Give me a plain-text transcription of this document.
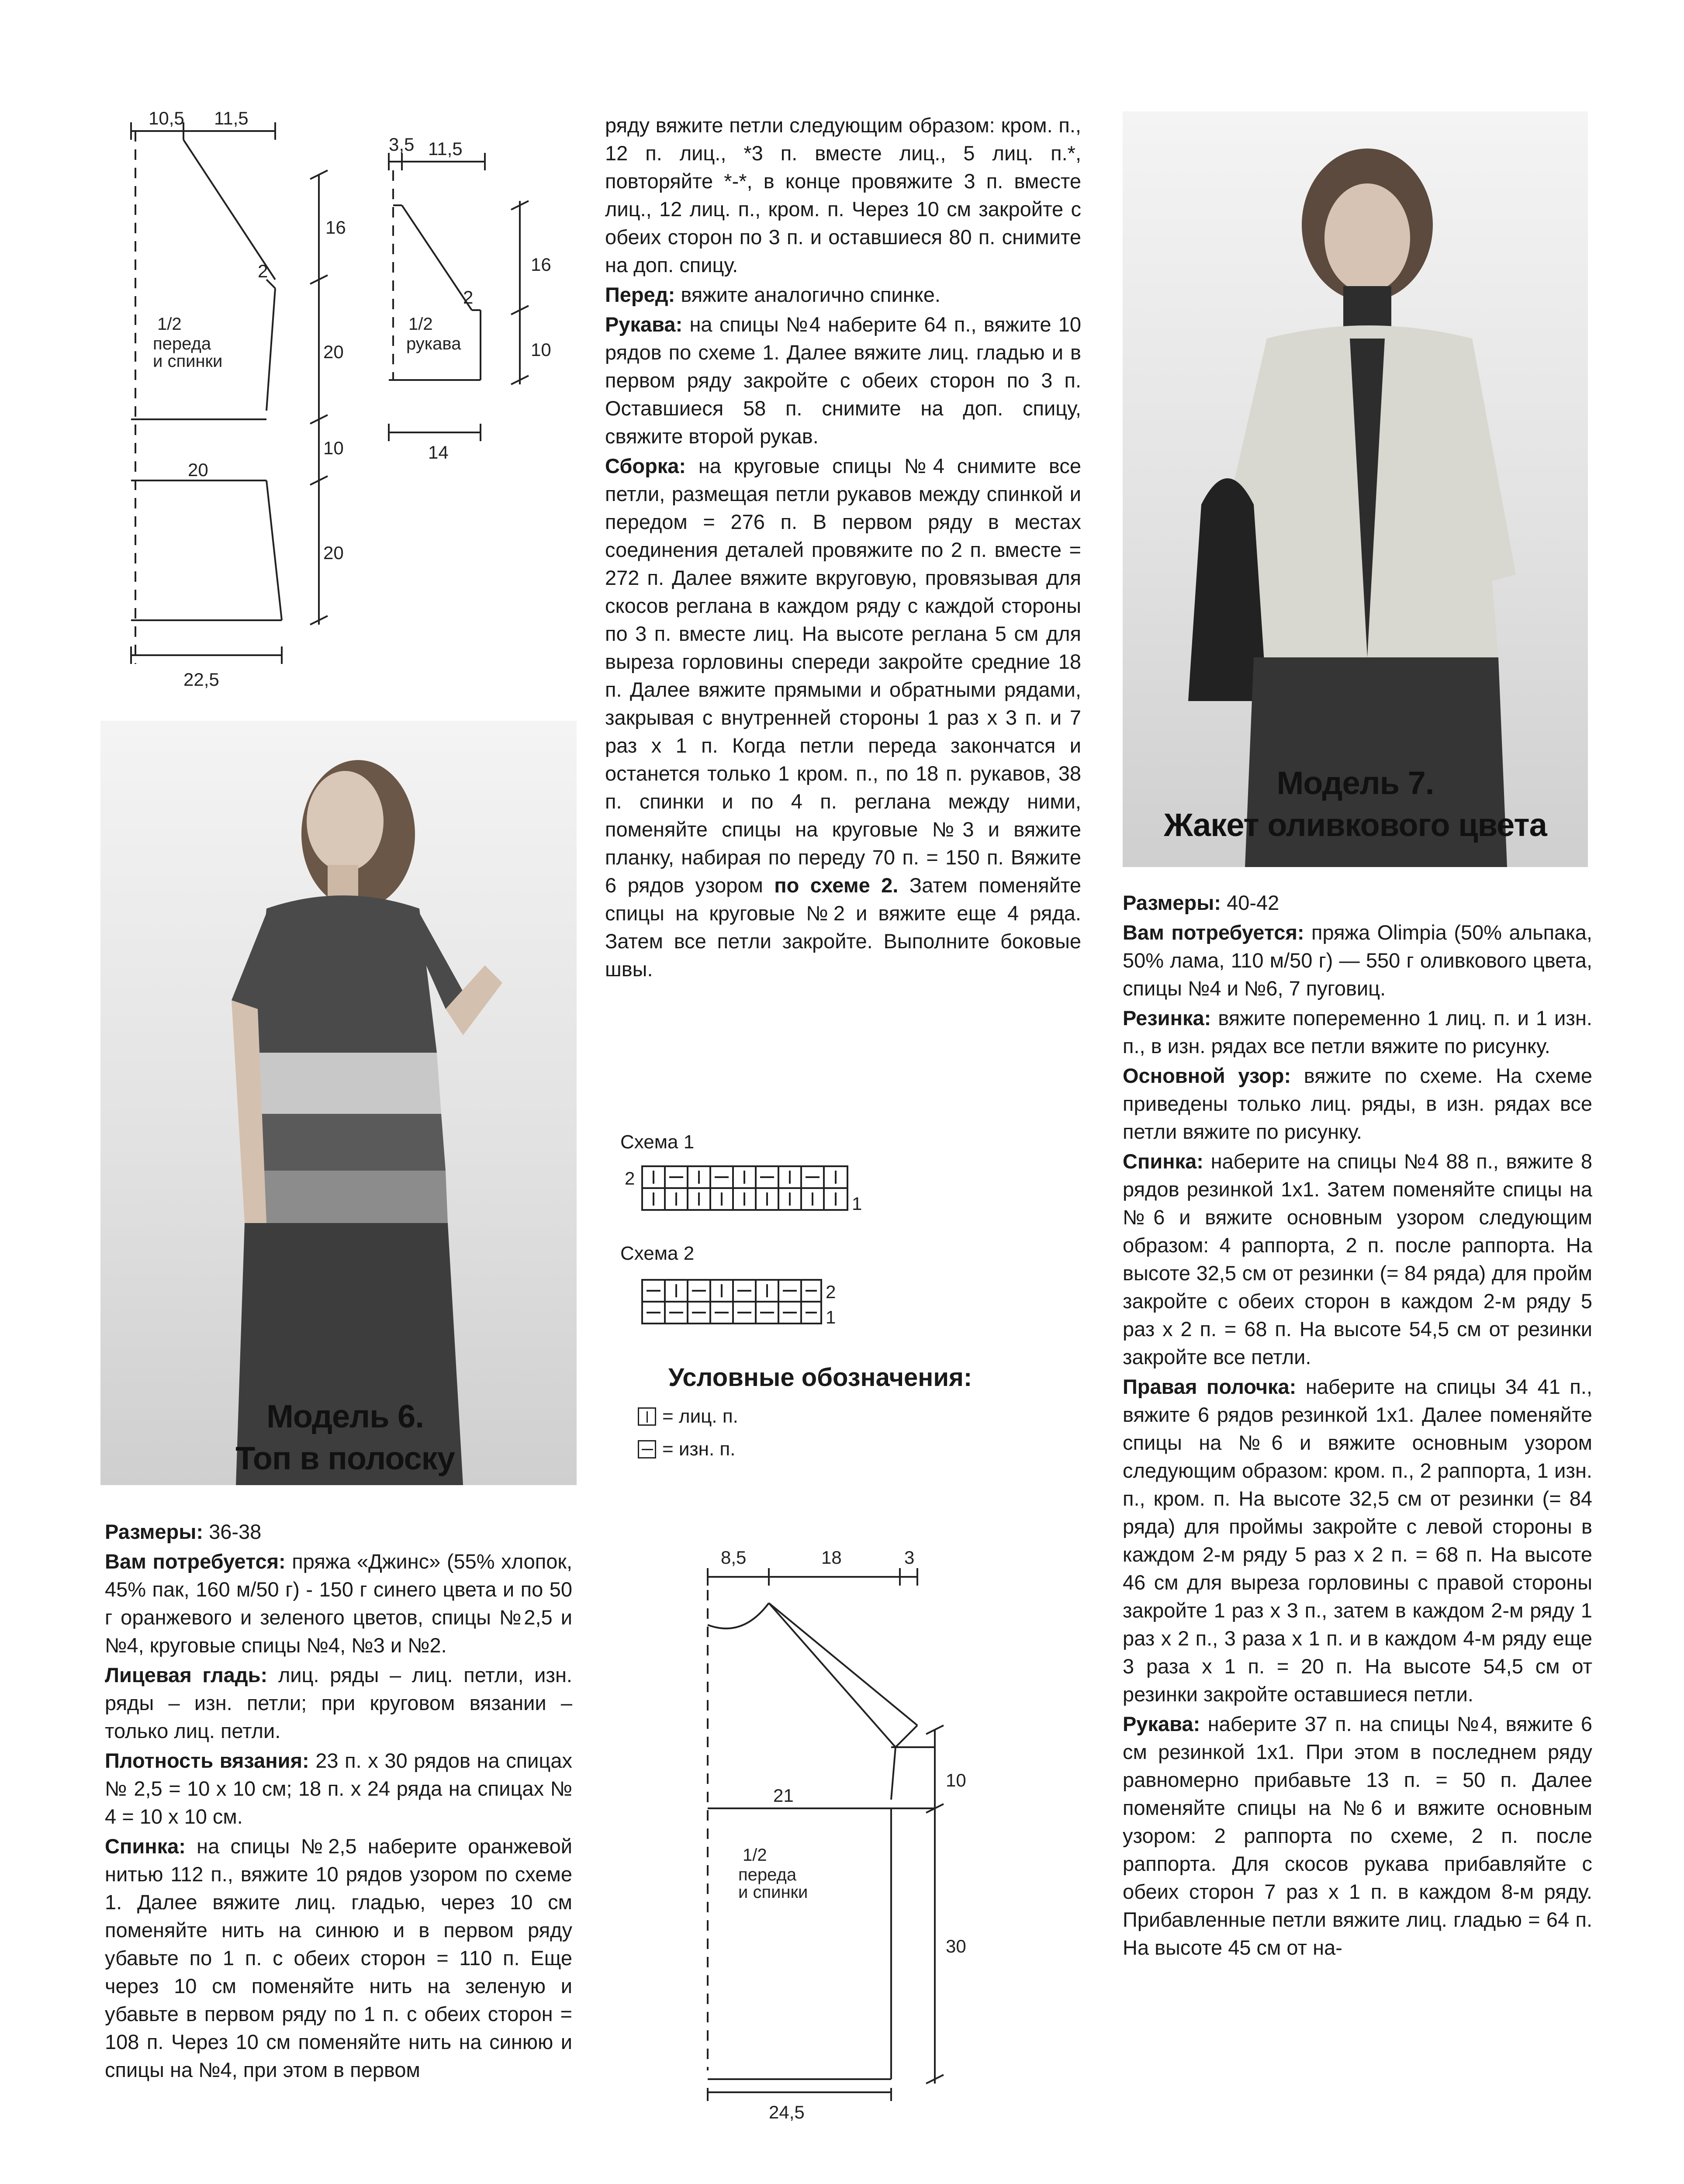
10,5 11,5
16
2
20
10
20
20
22,5
1/2
переда
и спинки
3,5 11,5
16
2
10
14
1/2
рукава

ряду вяжите петли следующим образом: кром. п., 12 п. лиц., *3 п. вместе лиц., 5 лиц. п.*, повторяйте *-*, в конце провяжите 3 п. вместе лиц., 12 лиц. п., кром. п. Через 10 см закройте с обеих сторон по 3 п. и оставшиеся 80 п. снимите на доп. спицу.

Перед: вяжите аналогично спинке.

Рукава: на спицы №4 наберите 64 п., вяжите 10 рядов по схеме 1. Далее вяжите лиц. гладью и в первом ряду закройте с обеих сторон по 3 п. Оставшиеся 58 п. снимите на доп. спицу, свяжите второй рукав.

Сборка: на круговые спицы №4 снимите все петли, размещая петли рукавов между спинкой и передом = 276 п. В первом ряду в местах соединения деталей провяжите по 2 п. вместе = 272 п. Далее вяжите вкруговую, провязывая для скосов реглана в каждом ряду с каждой стороны по 3 п. вместе лиц. На высоте реглана 5 см для выреза горловины спереди закройте средние 18 п. Далее вяжите прямыми и обратными рядами, закрывая с внутренней стороны 1 раз х 3 п. и 7 раз х 1 п. Когда петли переда закончатся и останется только 1 кром. п., по 18 п. рукавов, 38 п. спинки и по 4 п. реглана между ними, поменяйте спицы на круговые №3 и вяжите планку, набирая по переду 70 п. = 150 п. Вяжите 6 рядов узором по схеме 2. Затем поменяйте спицы на круговые №2 и вяжите еще 4 ряда. Затем все петли закройте. Выполните боковые швы.

Схема 1
2
1
Схема 2
2
1
Условные обозначения:
= лиц. п.
= изн. п.
8,5	18	3
10
21
30
24,5
1/2
переда
и спинки
Модель 6.
Топ в полоску

Размеры: 36-38

Вам потребуется: пряжа «Джинс» (55% хлопок, 45% пак, 160 м/50 г) - 150 г синего цвета и по 50 г оранжевого и зеленого цветов, спицы №2,5 и №4, круговые спицы №4, №3 и №2.

Лицевая гладь: лиц. ряды – лиц. петли, изн. ряды – изн. петли; при круговом вязании – только лиц. петли.

Плотность вязания: 23 п. х 30 рядов на спицах № 2,5 = 10 х 10 см; 18 п. х 24 ряда на спицах № 4 = 10 х 10 см.

Спинка: на спицы №2,5 наберите оранжевой нитью 112 п., вяжите 10 рядов узором по схеме 1. Далее вяжите лиц. гладью, через 10 см поменяйте нить на синюю и в первом ряду убавьте по 1 п. с обеих сторон = 110 п. Еще через 10 см поменяйте нить на зеленую и убавьте в первом ряду по 1 п. с обеих сторон = 108 п. Через 10 см поменяйте нить на синюю и спицы на №4, при этом в первом

Модель 7.
Жакет оливкового цвета

Размеры: 40-42

Вам потребуется: пряжа Olimpia (50% альпака, 50% лама, 110 м/50 г) — 550 г оливкового цвета, спицы №4 и №6, 7 пуговиц.

Резинка: вяжите попеременно 1 лиц. п. и 1 изн. п., в изн. рядах все петли вяжите по рисунку.

Основной узор: вяжите по схеме. На схеме приведены только лиц. ряды, в изн. рядах все петли вяжите по рисунку.

Спинка: наберите на спицы №4 88 п., вяжите 8 рядов резинкой 1х1. Затем поменяйте спицы на №6 и вяжите основным узором следующим образом: 4 раппорта, 2 п. после раппорта. На высоте 32,5 см от резинки (= 84 ряда) для пройм закройте с обеих сторон в каждом 2-м ряду 5 раз х 2 п. = 68 п. На высоте 54,5 см от резинки закройте все петли.

Правая полочка: наберите на спицы 34 41 п., вяжите 6 рядов резинкой 1х1. Далее поменяйте спицы на №6 и вяжите основным узором следующим образом: кром. п., 2 раппорта, 1 изн. п., кром. п. На высоте 32,5 см от резинки (= 84 ряда) для проймы закройте с левой стороны в каждом 2-м ряду 5 раз х 2 п. = 68 п. На высоте 46 см для выреза горловины с правой стороны закройте 1 раз х 3 п., затем в каждом 2-м ряду 1 раз х 2 п., 3 раза х 1 п. и в каждом 4-м ряду еще 3 раза х 1 п. = 20 п. На высоте 54,5 см от резинки закройте оставшиеся петли.

Рукава: наберите 37 п. на спицы №4, вяжите 6 см резинкой 1х1. При этом в последнем ряду равномерно прибавьте 13 п. = 50 п. Далее поменяйте спицы на №6 и вяжите основным узором: 2 раппорта по схеме, 2 п. после раппорта. Для скосов рукава прибавляйте с обеих сторон 7 раз х 1 п. в каждом 8-м ряду. Прибавленные петли вяжите лиц. гладью = 64 п. На высоте 45 см от на-
